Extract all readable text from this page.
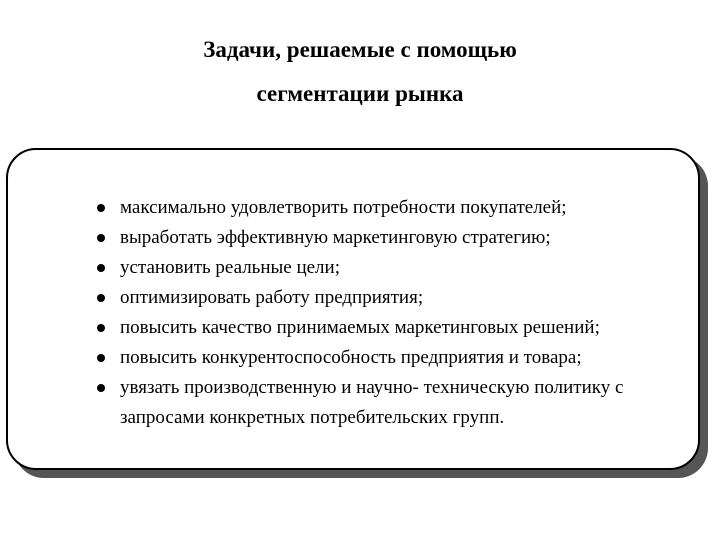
Задачи, решаемые с помощью
сегментации рынка
максимально удовлетворить потребности покупателей;
выработать эффективную маркетинговую стратегию;
установить реальные цели;
оптимизировать работу предприятия;
повысить качество принимаемых маркетинговых решений;
повысить конкурентоспособность предприятия и товара;
увязать производственную и научно- техническую политику с запросами конкретных потребительских групп.
